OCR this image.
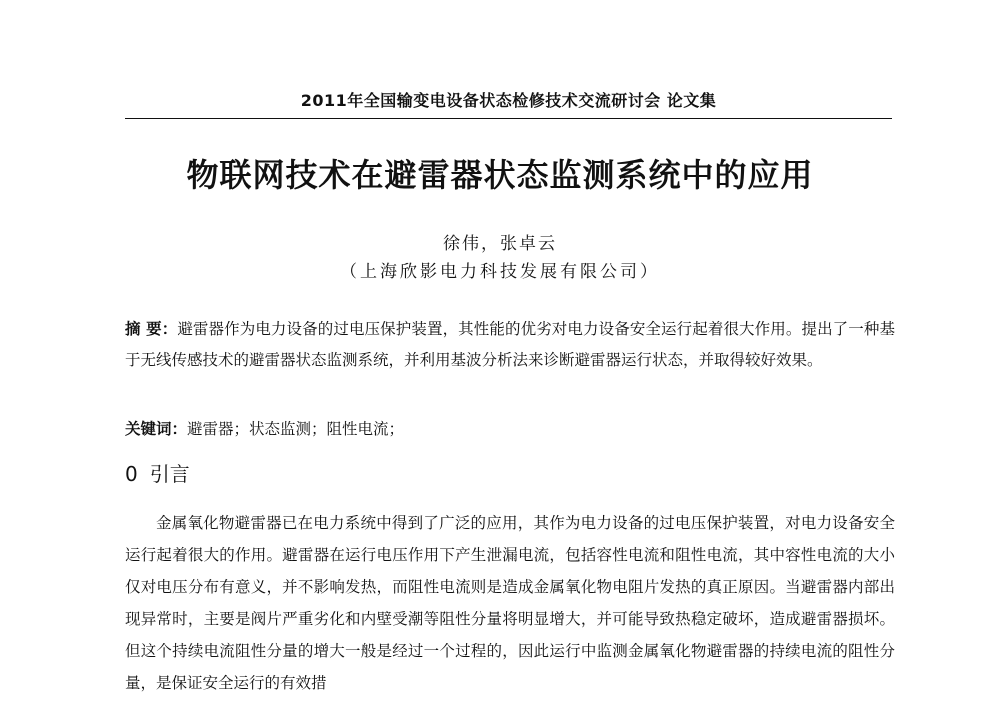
2011年全国输变电设备状态检修技术交流研讨会 论文集
物联网技术在避雷器状态监测系统中的应用
徐伟，张卓云
（上海欣影电力科技发展有限公司）
摘 要：避雷器作为电力设备的过电压保护装置，其性能的优劣对电力设备安全运行起着很大作用。提出了一种基于无线传感技术的避雷器状态监测系统，并利用基波分析法来诊断避雷器运行状态，并取得较好效果。
关键词：避雷器；状态监测；阻性电流；
0 引言
金属氧化物避雷器已在电力系统中得到了广泛的应用，其作为电力设备的过电压保护装置，对电力设备安全运行起着很大的作用。避雷器在运行电压作用下产生泄漏电流，包括容性电流和阻性电流，其中容性电流的大小仅对电压分布有意义，并不影响发热，而阻性电流则是造成金属氧化物电阻片发热的真正原因。当避雷器内部出现异常时，主要是阀片严重劣化和内壁受潮等阻性分量将明显增大，并可能导致热稳定破坏，造成避雷器损坏。但这个持续电流阻性分量的增大一般是经过一个过程的，因此运行中监测金属氧化物避雷器的持续电流的阻性分量，是保证安全运行的有效措
